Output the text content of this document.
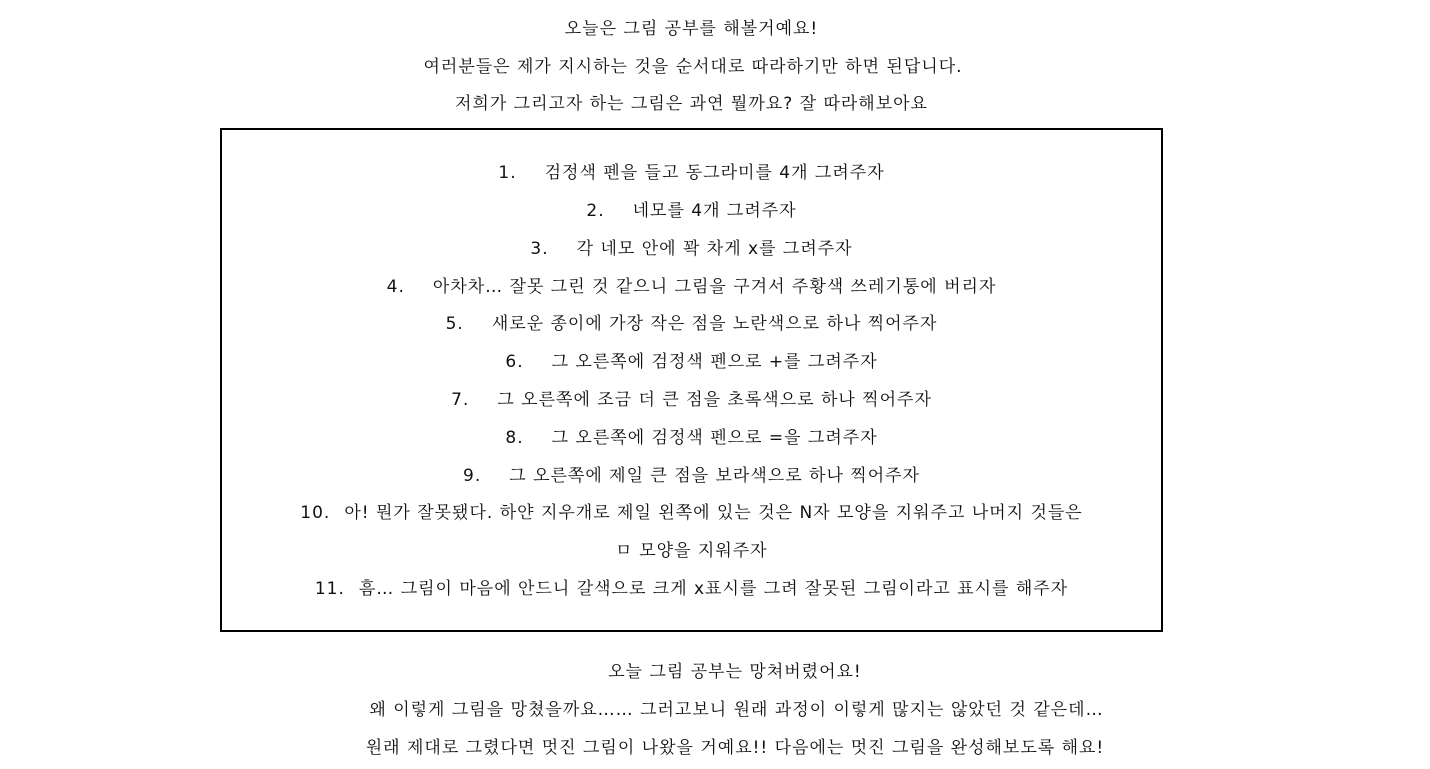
오늘은 그림 공부를 해볼거예요!
여러분들은 제가 지시하는 것을 순서대로 따라하기만 하면 된답니다.
저희가 그리고자 하는 그림은 과연 뭘까요? 잘 따라해보아요
1. 검정색 펜을 들고 동그라미를 4개 그려주자
2. 네모를 4개 그려주자
3. 각 네모 안에 꽉 차게 x를 그려주자
4. 아차차… 잘못 그린 것 같으니 그림을 구겨서 주황색 쓰레기통에 버리자
5. 새로운 종이에 가장 작은 점을 노란색으로 하나 찍어주자
6. 그 오른쪽에 검정색 펜으로 +를 그려주자
7. 그 오른쪽에 조금 더 큰 점을 초록색으로 하나 찍어주자
8. 그 오른쪽에 검정색 펜으로 =을 그려주자
9. 그 오른쪽에 제일 큰 점을 보라색으로 하나 찍어주자
10. 아! 뭔가 잘못됐다. 하얀 지우개로 제일 왼쪽에 있는 것은 N자 모양을 지워주고 나머지 것들은
ㅁ 모양을 지워주자
11. 흠… 그림이 마음에 안드니 갈색으로 크게 x표시를 그려 잘못된 그림이라고 표시를 해주자
오늘 그림 공부는 망쳐버렸어요!
왜 이렇게 그림을 망쳤을까요…… 그러고보니 원래 과정이 이렇게 많지는 않았던 것 같은데…
원래 제대로 그렸다면 멋진 그림이 나왔을 거예요!! 다음에는 멋진 그림을 완성해보도록 해요!
